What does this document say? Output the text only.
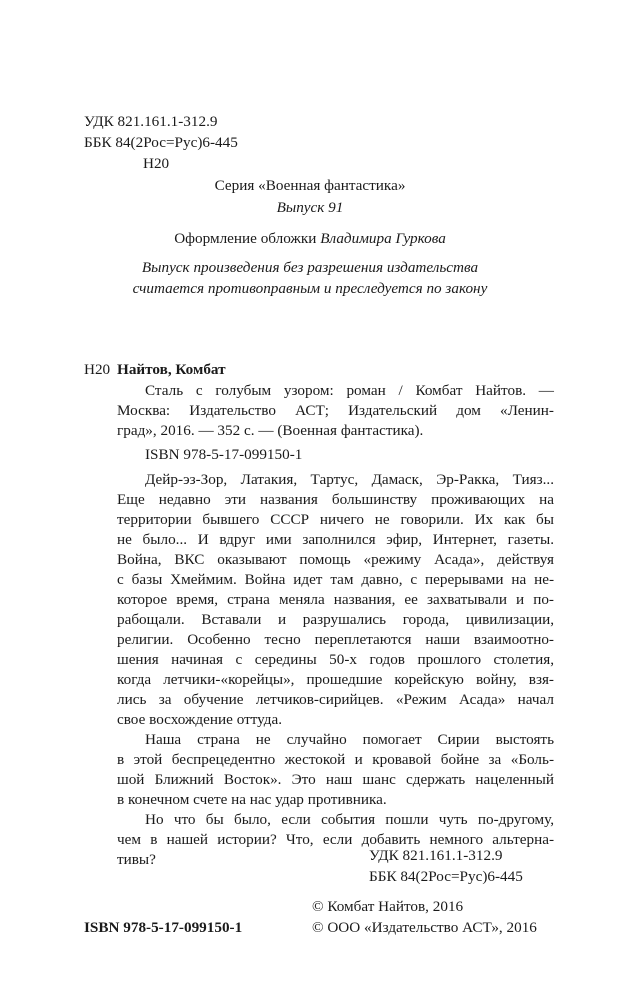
УДК 821.161.1-312.9
ББК 84(2Рос=Рус)6-445
Н20
Серия «Военная фантастика»
Выпуск 91
Оформление обложки Владимира Гуркова
Выпуск произведения без разрешения издательства
считается противоправным и преследуется по закону
Н20 Найтов, Комбат

Сталь с голубым узором: роман / Комбат Найтов. —
Москва: Издательство АСТ; Издательский дом «Ленин-
град», 2016. — 352 с. — (Военная фантастика).

ISBN 978-5-17-099150-1

Дейр-эз-Зор, Латакия, Тартус, Дамаск, Эр-Ракка, Тияз...
Еще недавно эти названия большинству проживающих на
территории бывшего СССР ничего не говорили. Их как бы
не было... И вдруг ими заполнился эфир, Интернет, газеты.
Война, ВКС оказывают помощь «режиму Асада», действуя
с базы Хмеймим. Война идет там давно, с перерывами на не-
которое время, страна меняла названия, ее захватывали и по-
рабощали. Вставали и разрушались города, цивилизации,
религии. Особенно тесно переплетаются наши взаимоотно-
шения начиная с середины 50-х годов прошлого столетия,
когда летчики-«корейцы», прошедшие корейскую войну, взя-
лись за обучение летчиков-сирийцев. «Режим Асада» начал
свое восхождение оттуда.

Наша страна не случайно помогает Сирии выстоять
в этой беспрецедентно жестокой и кровавой бойне за «Боль-
шой Ближний Восток». Это наш шанс сдержать нацеленный
в конечном счете на нас удар противника.

Но что бы было, если события пошли чуть по-другому,
чем в нашей истории? Что, если добавить немного альтерна-
тивы?	УДК 821.161.1-312.9
ББК 84(2Рос=Рус)6-445
© Комбат Найтов, 2016
ISBN 978-5-17-099150-1	© ООО «Издательство АСТ», 2016
